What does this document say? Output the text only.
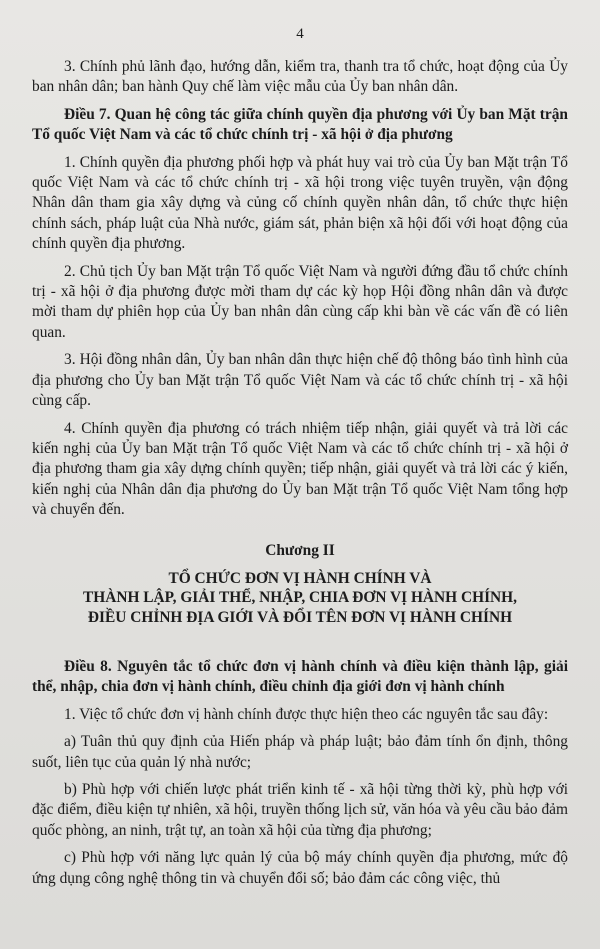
4

3. Chính phủ lãnh đạo, hướng dẫn, kiểm tra, thanh tra tổ chức, hoạt động của Ủy ban nhân dân; ban hành Quy chế làm việc mẫu của Ủy ban nhân dân.

Điều 7. Quan hệ công tác giữa chính quyền địa phương với Ủy ban Mặt trận Tổ quốc Việt Nam và các tổ chức chính trị - xã hội ở địa phương

1. Chính quyền địa phương phối hợp và phát huy vai trò của Ủy ban Mặt trận Tổ quốc Việt Nam và các tổ chức chính trị - xã hội trong việc tuyên truyền, vận động Nhân dân tham gia xây dựng và củng cố chính quyền nhân dân, tổ chức thực hiện chính sách, pháp luật của Nhà nước, giám sát, phản biện xã hội đối với hoạt động của chính quyền địa phương.

2. Chủ tịch Ủy ban Mặt trận Tổ quốc Việt Nam và người đứng đầu tổ chức chính trị - xã hội ở địa phương được mời tham dự các kỳ họp Hội đồng nhân dân và được mời tham dự phiên họp của Ủy ban nhân dân cùng cấp khi bàn về các vấn đề có liên quan.

3. Hội đồng nhân dân, Ủy ban nhân dân thực hiện chế độ thông báo tình hình của địa phương cho Ủy ban Mặt trận Tổ quốc Việt Nam và các tổ chức chính trị - xã hội cùng cấp.

4. Chính quyền địa phương có trách nhiệm tiếp nhận, giải quyết và trả lời các kiến nghị của Ủy ban Mặt trận Tổ quốc Việt Nam và các tổ chức chính trị - xã hội ở địa phương tham gia xây dựng chính quyền; tiếp nhận, giải quyết và trả lời các ý kiến, kiến nghị của Nhân dân địa phương do Ủy ban Mặt trận Tổ quốc Việt Nam tổng hợp và chuyển đến.

Chương II
TỔ CHỨC ĐƠN VỊ HÀNH CHÍNH VÀ
THÀNH LẬP, GIẢI THỂ, NHẬP, CHIA ĐƠN VỊ HÀNH CHÍNH,
ĐIỀU CHỈNH ĐỊA GIỚI VÀ ĐỔI TÊN ĐƠN VỊ HÀNH CHÍNH

Điều 8. Nguyên tắc tổ chức đơn vị hành chính và điều kiện thành lập, giải thể, nhập, chia đơn vị hành chính, điều chỉnh địa giới đơn vị hành chính

1. Việc tổ chức đơn vị hành chính được thực hiện theo các nguyên tắc sau đây:

a) Tuân thủ quy định của Hiến pháp và pháp luật; bảo đảm tính ổn định, thông suốt, liên tục của quản lý nhà nước;

b) Phù hợp với chiến lược phát triển kinh tế - xã hội từng thời kỳ, phù hợp với đặc điểm, điều kiện tự nhiên, xã hội, truyền thống lịch sử, văn hóa và yêu cầu bảo đảm quốc phòng, an ninh, trật tự, an toàn xã hội của từng địa phương;

c) Phù hợp với năng lực quản lý của bộ máy chính quyền địa phương, mức độ ứng dụng công nghệ thông tin và chuyển đổi số; bảo đảm các công việc, thủ
